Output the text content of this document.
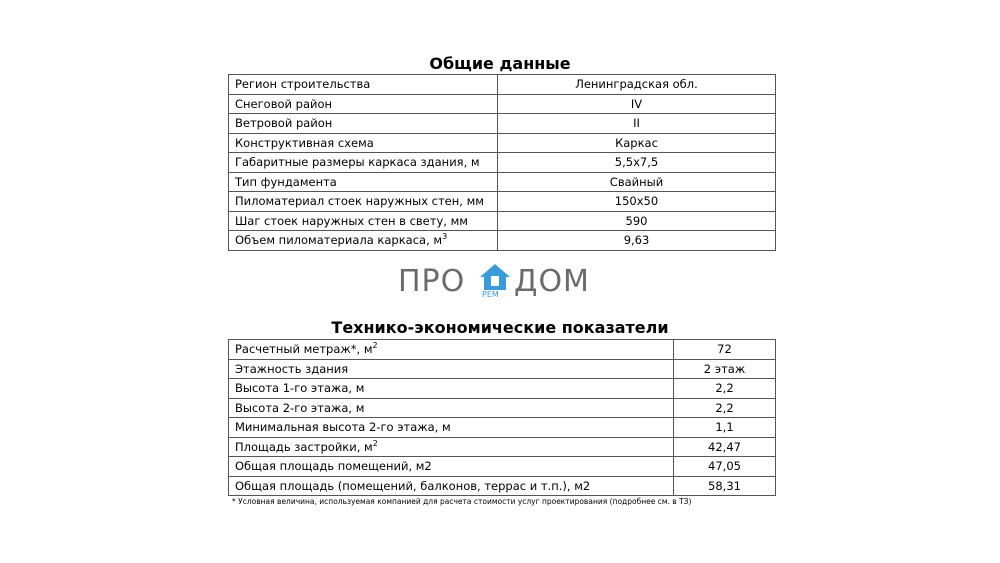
Общие данные
Регион строительства	Ленинградская обл.
Снеговой район	IV
Ветровой район	II
Конструктивная схема	Каркас
Габаритные размеры каркаса здания, м	5,5х7,5
Тип фундамента	Свайный
Пиломатериал стоек наружных стен, мм	150х50
Шаг стоек наружных стен в свету, мм	590
Объем пиломатериала каркаса, $м^3$	9,63
ПРО РЕМ ДОМ
Технико-экономические показатели
Расчетный метраж*, $м^2$	72
Этажность здания	2 этаж
Высота 1-го этажа, м	2,2
Высота 2-го этажа, м	2,2
Минимальная высота 2-го этажа, м	1,1
Площадь застройки, $м^2$	42,47
Общая площадь помещений, м2	47,05
Общая площадь (помещений, балконов, террас и т.п.), м2	58,31
* Условная величина, используемая компанией для расчета стоимости услуг проектирования (подробнее см. в ТЗ)
